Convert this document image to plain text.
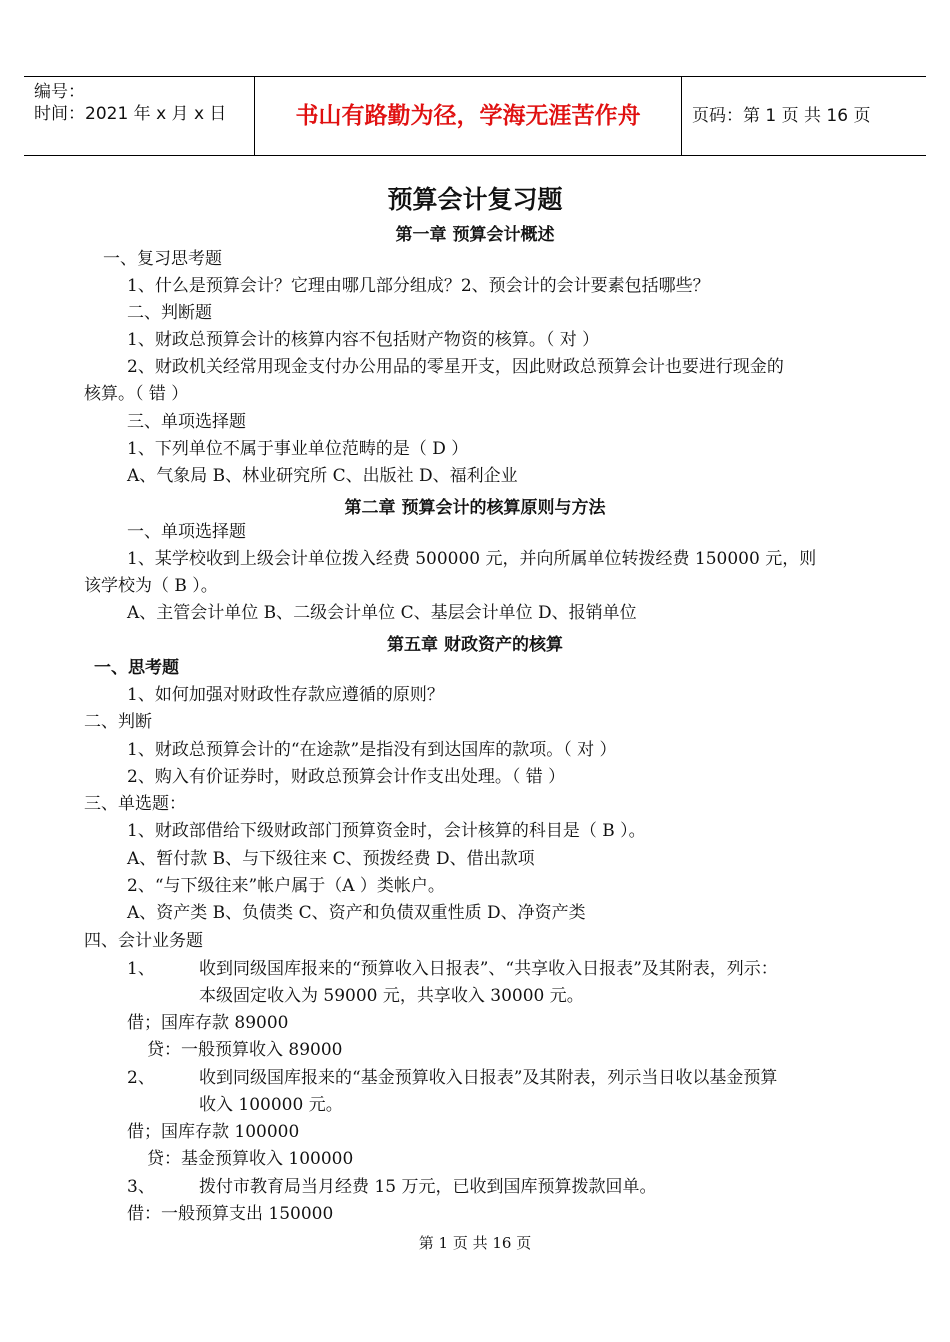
编号：
时间：2021 年 x 月 x 日	书山有路勤为径，学海无涯苦作舟	页码：第 1 页 共 16 页
预算会计复习题
第一章 预算会计概述
一、复习思考题
1、什么是预算会计？它理由哪几部分组成？2、预会计的会计要素包括哪些？
二、判断题
1、财政总预算会计的核算内容不包括财产物资的核算。（ 对 ）
2、财政机关经常用现金支付办公用品的零星开支，因此财政总预算会计也要进行现金的
核算。（ 错 ）
三、单项选择题
1、下列单位不属于事业单位范畴的是（ D ）
A、气象局 B、林业研究所 C、出版社 D、福利企业
第二章 预算会计的核算原则与方法
一、单项选择题
1、某学校收到上级会计单位拨入经费 500000 元，并向所属单位转拨经费 150000 元，则
该学校为（ B ）。
A、主管会计单位 B、二级会计单位 C、基层会计单位 D、报销单位
第五章 财政资产的核算
一、思考题
1、如何加强对财政性存款应遵循的原则？
二、判断
1、财政总预算会计的“在途款”是指没有到达国库的款项。（ 对 ）
2、购入有价证券时，财政总预算会计作支出处理。（ 错 ）
三、单选题：
1、财政部借给下级财政部门预算资金时，会计核算的科目是（ B ）。
A、暂付款 B、与下级往来 C、预拨经费 D、借出款项
2、“与下级往来”帐户属于（A ）类帐户。
A、资产类 B、负债类 C、资产和负债双重性质 D、净资产类
四、会计业务题
1、	收到同级国库报来的“预算收入日报表”、“共享收入日报表”及其附表，列示：
本级固定收入为 59000 元，共享收入 30000 元。
借；国库存款 89000
贷：一般预算收入 89000
2、	收到同级国库报来的“基金预算收入日报表”及其附表，列示当日收以基金预算
收入 100000 元。
借；国库存款 100000
贷：基金预算收入 100000
3、	拨付市教育局当月经费 15 万元，已收到国库预算拨款回单。
借：一般预算支出 150000
第 1 页 共 16 页
